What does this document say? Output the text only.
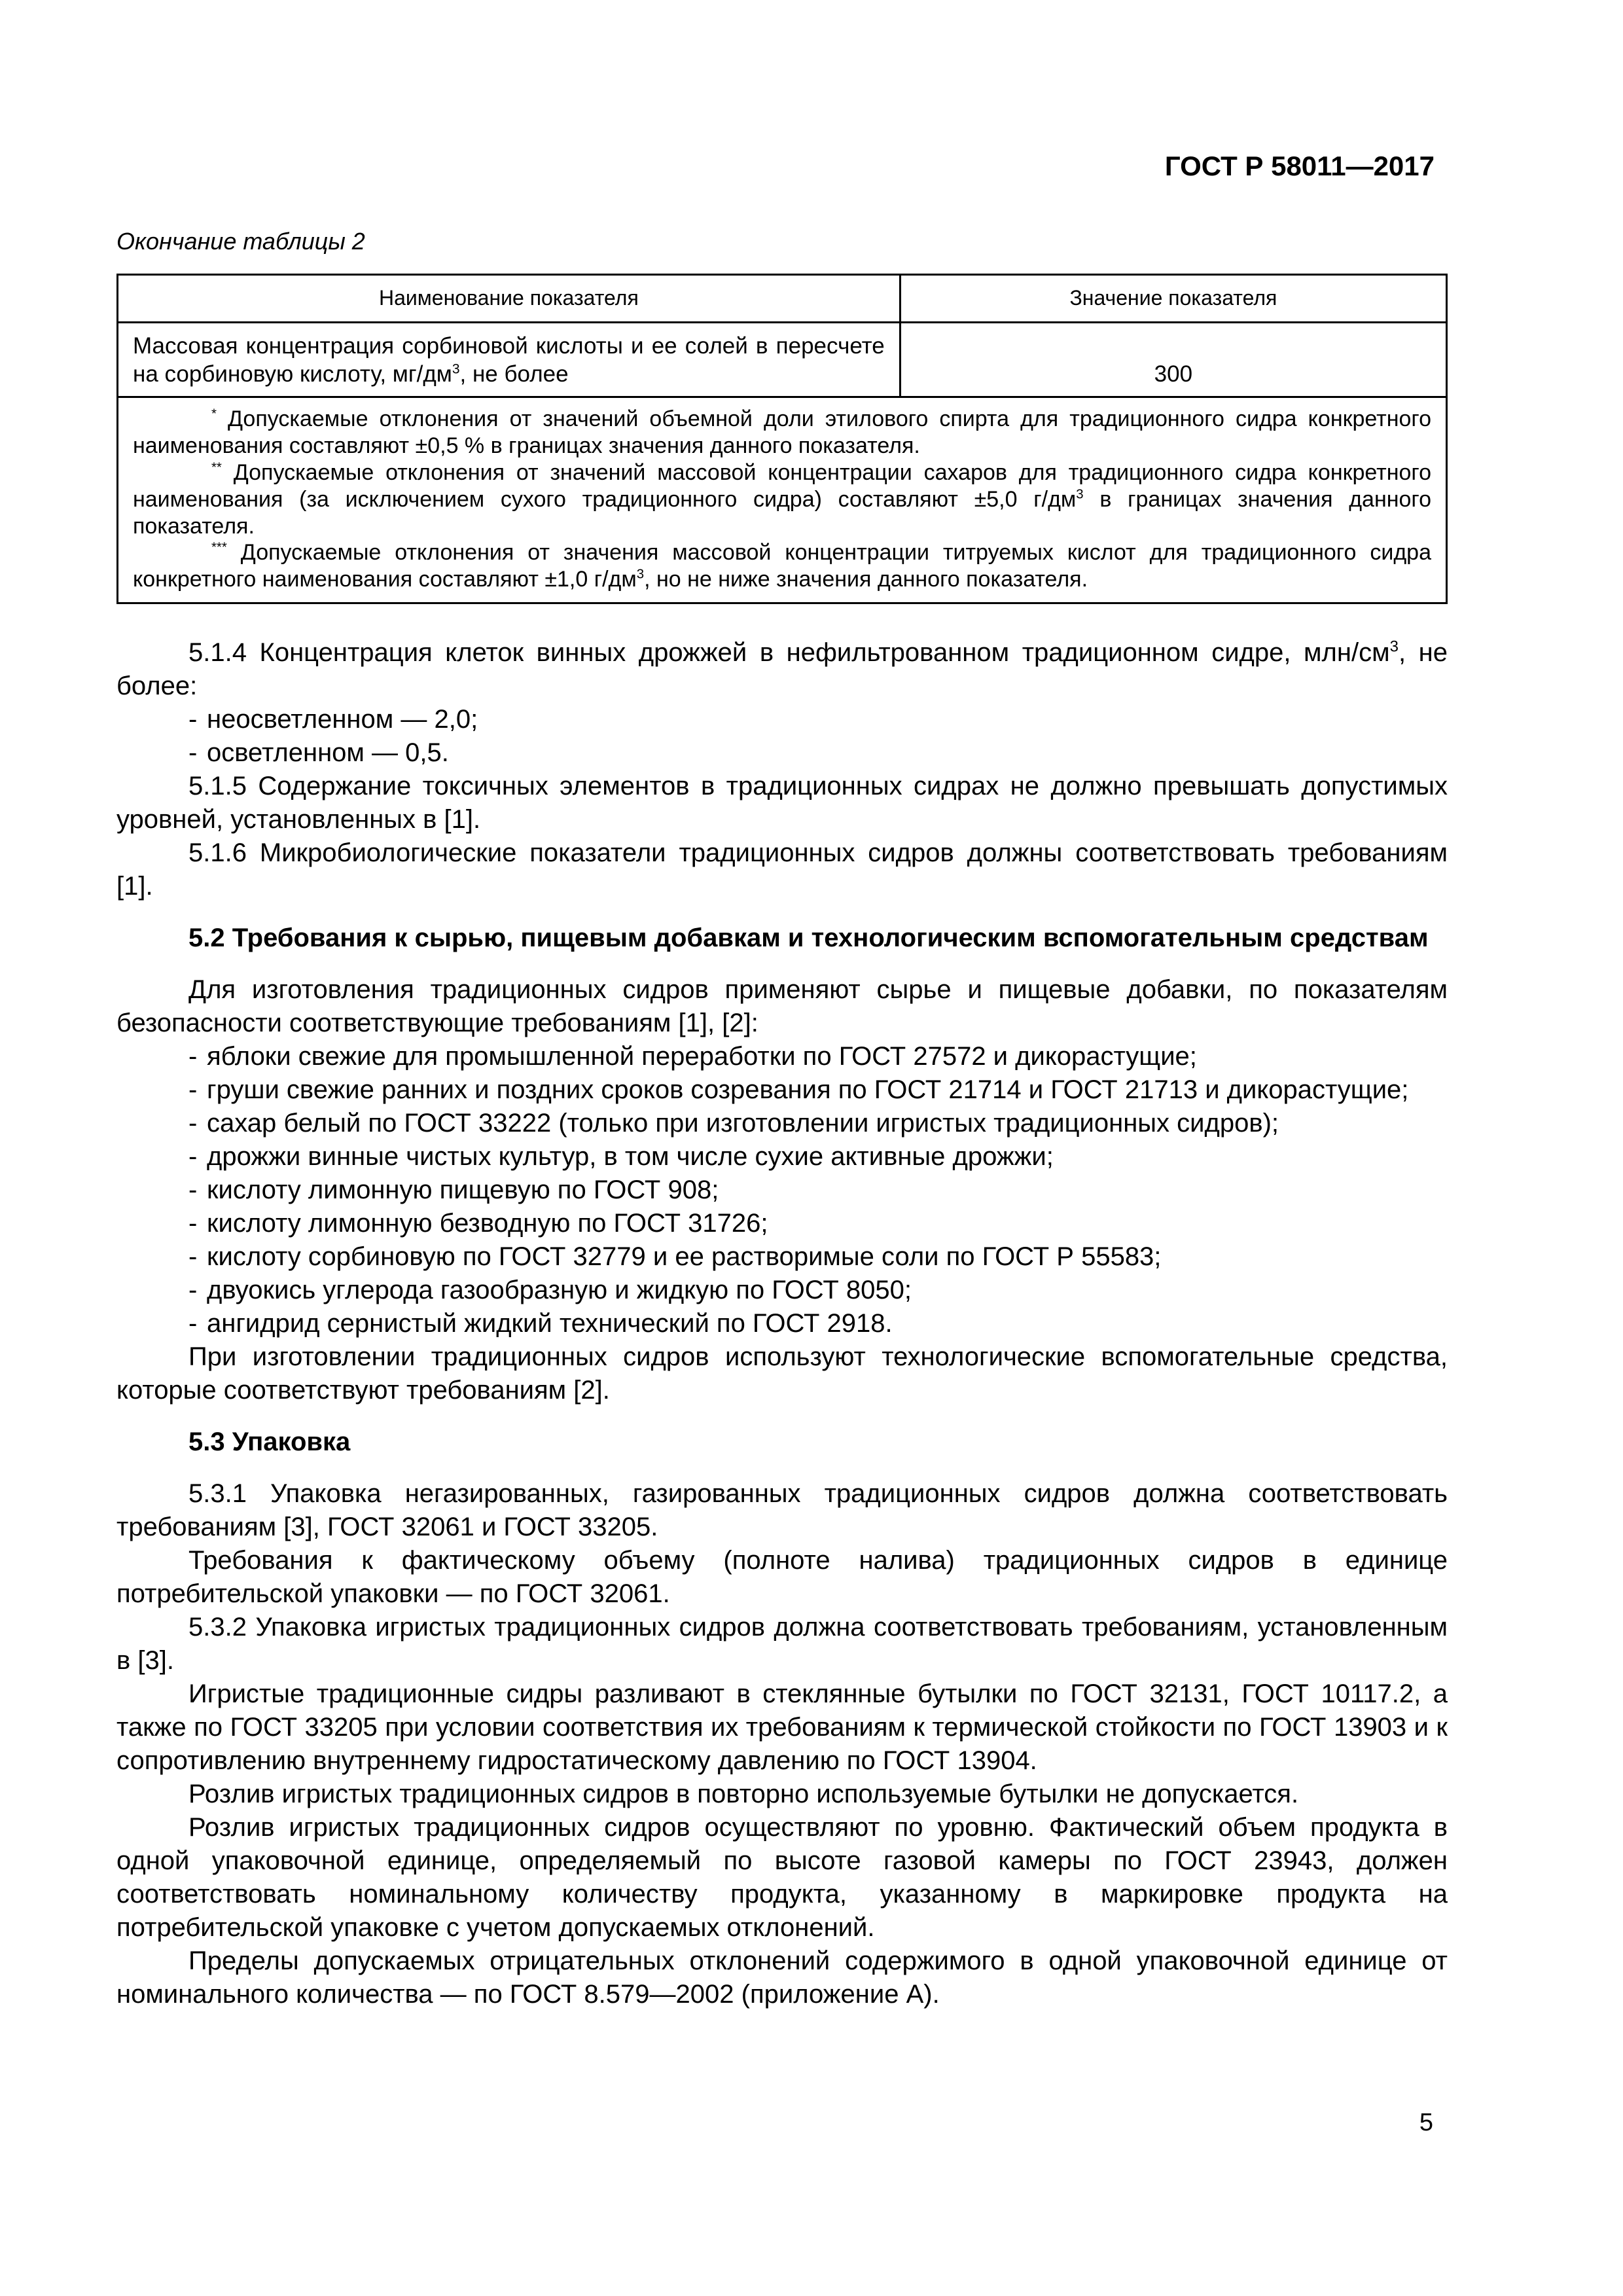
ГОСТ Р 58011—2017
Окончание таблицы 2
Наименование показателя	Значение показателя
Массовая концентрация сорбиновой кислоты и ее солей в пересчете на сорбиновую кислоту, $мг/дм^3$, не более	300

* Допускаемые отклонения от значений объемной доли этилового спирта для традиционного сидра конкретного наименования составляют ±0,5 % в границах значения данного показателя.

** Допускаемые отклонения от значений массовой концентрации сахаров для традиционного сидра конкретного наименования (за исключением сухого традиционного сидра) составляют ±5,0 $г/дм^3$ в границах значения данного показателя.

*** Допускаемые отклонения от значения массовой концентрации титруемых кислот для традиционного сидра конкретного наименования составляют ±1,0 $г/дм^3$, но не ниже значения данного показателя.	

5.1.4 Концентрация клеток винных дрожжей в нефильтрованном традиционном сидре, млн/$см^3$, не более:

- неосветленном — 2,0;

- осветленном — 0,5.

5.1.5 Содержание токсичных элементов в традиционных сидрах не должно превышать допустимых уровней, установленных в [1].

5.1.6 Микробиологические показатели традиционных сидров должны соответствовать требованиям [1].

5.2 Требования к сырью, пищевым добавкам и технологическим вспомогательным средствам

Для изготовления традиционных сидров применяют сырье и пищевые добавки, по показателям безопасности соответствующие требованиям [1], [2]:

- яблоки свежие для промышленной переработки по ГОСТ 27572 и дикорастущие;

- груши свежие ранних и поздних сроков созревания по ГОСТ 21714 и ГОСТ 21713 и дикорастущие;

- сахар белый по ГОСТ 33222 (только при изготовлении игристых традиционных сидров);

- дрожжи винные чистых культур, в том числе сухие активные дрожжи;

- кислоту лимонную пищевую по ГОСТ 908;

- кислоту лимонную безводную по ГОСТ 31726;

- кислоту сорбиновую по ГОСТ 32779 и ее растворимые соли по ГОСТ Р 55583;

- двуокись углерода газообразную и жидкую по ГОСТ 8050;

- ангидрид сернистый жидкий технический по ГОСТ 2918.

При изготовлении традиционных сидров используют технологические вспомогательные средства, которые соответствуют требованиям [2].

5.3 Упаковка

5.3.1 Упаковка негазированных, газированных традиционных сидров должна соответствовать требованиям [3], ГОСТ 32061 и ГОСТ 33205.

Требования к фактическому объему (полноте налива) традиционных сидров в единице потребительской упаковки — по ГОСТ 32061.

5.3.2 Упаковка игристых традиционных сидров должна соответствовать требованиям, установленным в [3].

Игристые традиционные сидры разливают в стеклянные бутылки по ГОСТ 32131, ГОСТ 10117.2, а также по ГОСТ 33205 при условии соответствия их требованиям к термической стойкости по ГОСТ 13903 и к сопротивлению внутреннему гидростатическому давлению по ГОСТ 13904.

Розлив игристых традиционных сидров в повторно используемые бутылки не допускается.

Розлив игристых традиционных сидров осуществляют по уровню. Фактический объем продукта в одной упаковочной единице, определяемый по высоте газовой камеры по ГОСТ 23943, должен соответствовать номинальному количеству продукта, указанному в маркировке продукта на потребительской упаковке с учетом допускаемых отклонений.

Пределы допускаемых отрицательных отклонений содержимого в одной упаковочной единице от номинального количества — по ГОСТ 8.579—2002 (приложение А).

5
